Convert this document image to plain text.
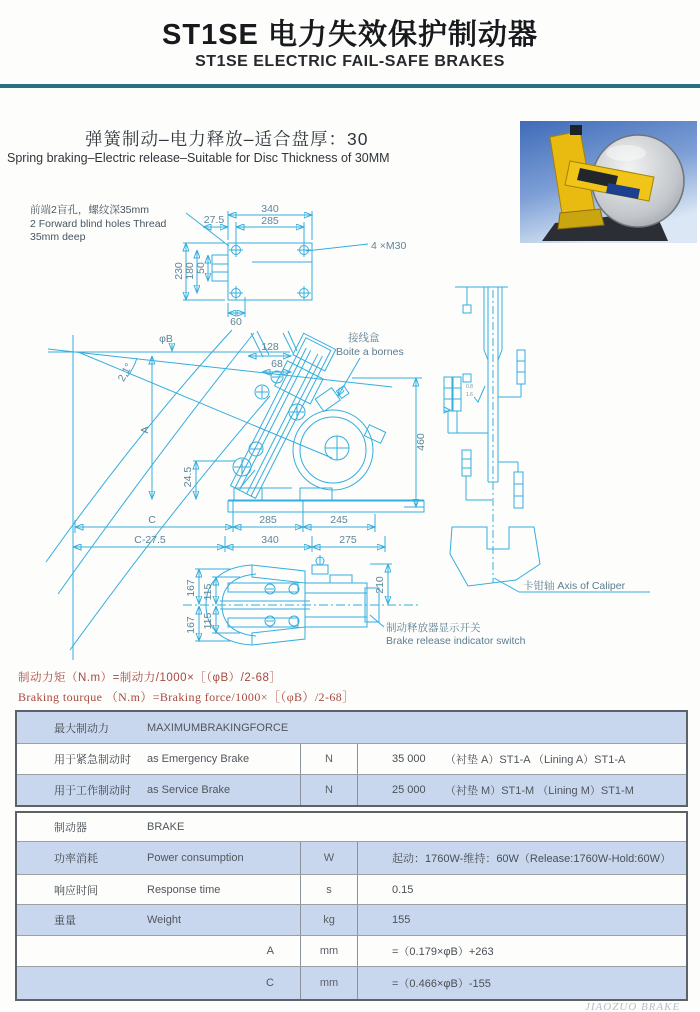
ST1SE 电力失效保护制动器
ST1SE ELECTRIC FAIL-SAFE BRAKES
弹簧制动–电力释放–适合盘厚：30
Spring braking–Electric release–Suitable for Disc Thickness of 30MM
前端2盲孔，螺纹深35mm
2 Forward blind holes Thread
35mm deep
340
285
27.5
230 180 50
60
4 ×M30
2.1°
φB	接线盒
Boite a bornes
A
24.5
460
128
68
C	285	245
C-27.5	340	275
0.8
1.6
卡钳轴 Axis of Caliper
167 115
115
167
210
制动释放器显示开关
Brake release indicator switch
制动力矩（N.m）=制动力/1000×［（φB）/2-68］
Braking tourque （N.m）=Braking force/1000×［（φB）/2-68］
最大制动力	MAXIMUMBRAKINGFORCE
用于紧急制动时 as Emergency Brake	N	35 000	（衬垫 A）ST1-A （Lining A）ST1-A
用于工作制动时 as Service Brake	N	25 000	（衬垫 M）ST1-M （Lining M）ST1-M
制动器	BRAKE
功率消耗	Power consumption	W	起动：1760W-维持：60W（Release:1760W-Hold:60W）
响应时间	Response time	s	0.15
重量	Weight	kg	155
A	mm	=（0.179×φB）+263
C	mm	=（0.466×φB）-155
JIAOZUO BRAKE
